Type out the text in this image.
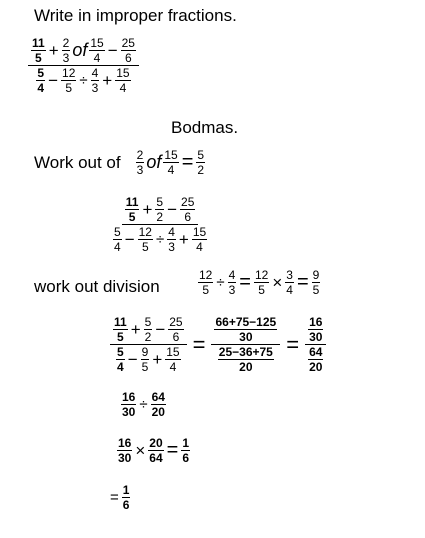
Write in improper fractions.
$\frac{\frac{11}{5} + \frac{2}{3} of \frac{15}{4} - \frac{25}{6}}{\frac{5}{4} - \frac{12}{5} \div \frac{4}{3} + \frac{15}{4}}$
Bodmas.
Work out of $\frac{2}{3}$ of $\frac{15}{4} = \frac{5}{2}$
$\frac{\frac{11}{5} + \frac{5}{2} - \frac{25}{6}}{\frac{5}{4} - \frac{12}{5} \div \frac{4}{3} + \frac{15}{4}}$
work out division	$\frac{12}{5} \div \frac{4}{3} = \frac{12}{5} \times \frac{3}{4} = \frac{9}{5}$
$\frac{\frac{11}{5} + \frac{5}{2} - \frac{25}{6}}{\frac{5}{4} - \frac{9}{5} + \frac{15}{4}} = \frac{\frac{66+75-125}{30}}{\frac{25-36+75}{20}} = \frac{\frac{16}{30}}{\frac{64}{20}}$
$\frac{16}{30} \div \frac{64}{20}$
$\frac{16}{30} \times \frac{20}{64} = \frac{1}{6}$
= $\frac{1}{6}$
